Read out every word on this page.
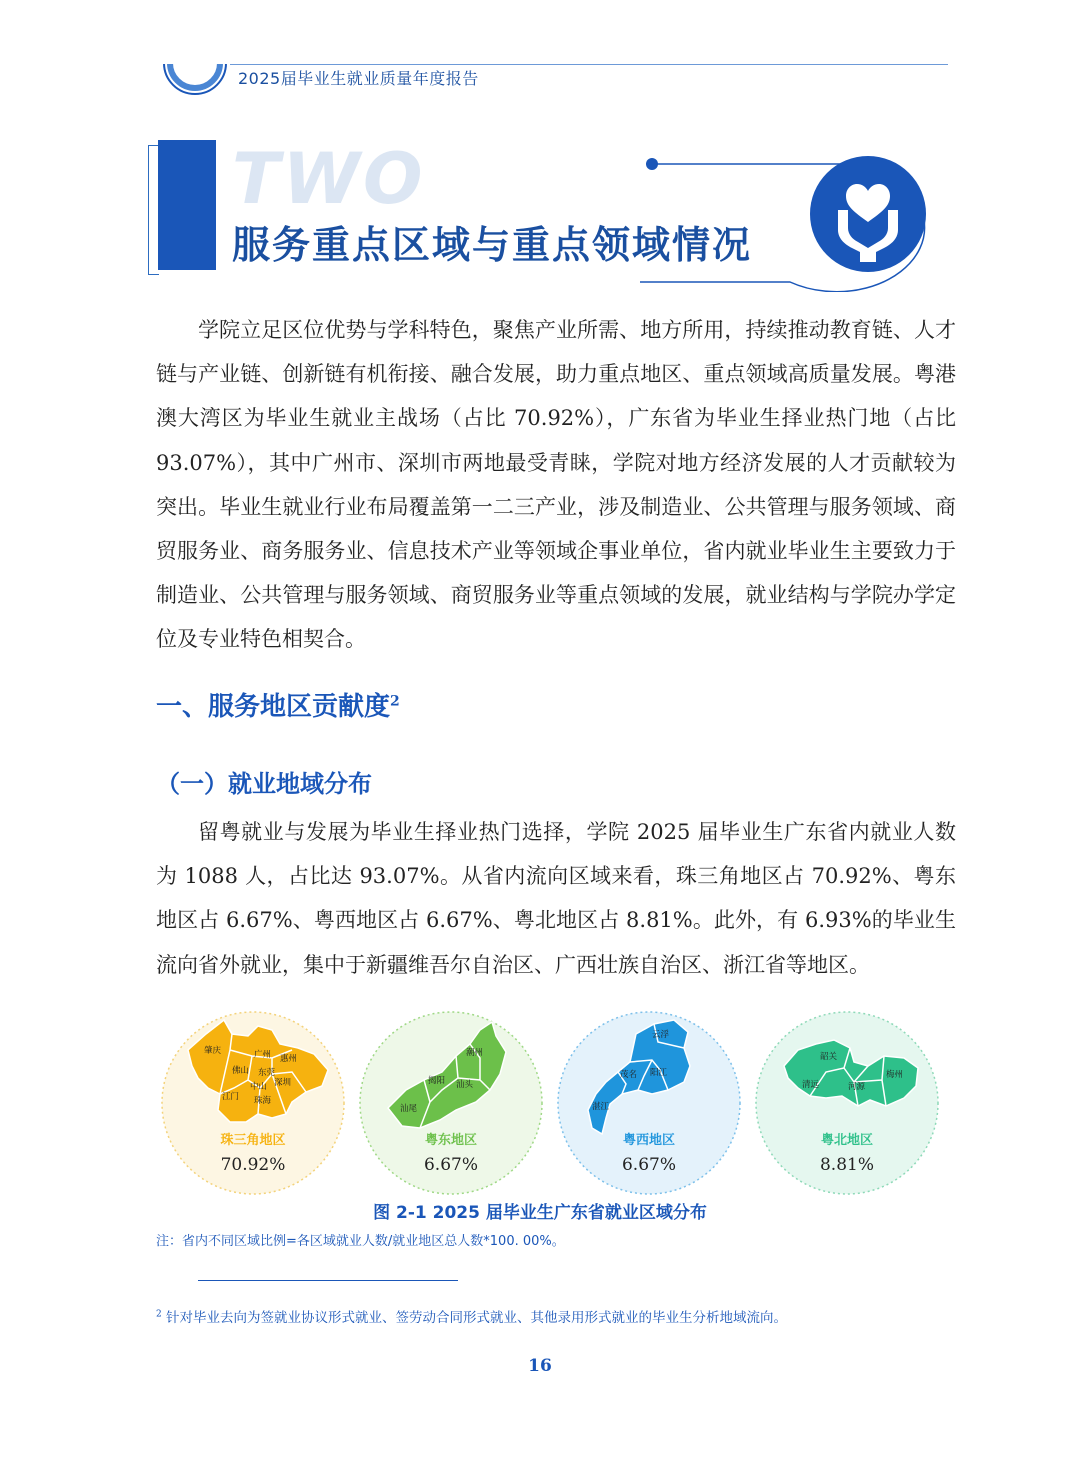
2025届毕业生就业质量年度报告
TWO
服务重点区域与重点领域情况

学院立足区位优势与学科特色，聚焦产业所需、地方所用，持续推动教育链、人才链与产业链、创新链有机衔接、融合发展，助力重点地区、重点领域高质量发展。粤港澳大湾区为毕业生就业主战场（占比 70.92%），广东省为毕业生择业热门地（占比 93.07%），其中广州市、深圳市两地最受青睐，学院对地方经济发展的人才贡献较为突出。毕业生就业行业布局覆盖第一二三产业，涉及制造业、公共管理与服务领域、商贸服务业、商务服务业、信息技术产业等领域企事业单位，省内就业毕业生主要致力于制造业、公共管理与服务领域、商贸服务业等重点领域的发展，就业结构与学院办学定位及专业特色相契合。

一、服务地区贡献度$^2$
（一）就业地域分布

留粤就业与发展为毕业生择业热门选择，学院 2025 届毕业生广东省内就业人数为 1088 人，占比达 93.07%。从省内流向区域来看，珠三角地区占 70.92%、粤东地区占 6.67%、粤西地区占 6.67%、粤北地区占 8.81%。此外，有 6.93%的毕业生流向省外就业，集中于新疆维吾尔自治区、广西壮族自治区、浙江省等地区。

珠三角地区
70.92%
肇庆	广州 惠州
佛山 东莞
中山 深圳
江门 珠海
粤东地区
6.67%
潮州
揭阳 汕头
汕尾
粤西地区
6.67%
云浮
茂名 阳江
湛江
粤北地区
8.81%
韶关
清远	河源
梅州
图 2-1 2025 届毕业生广东省就业区域分布
注：省内不同区域比例=各区域就业人数/就业地区总人数*100. 00%。
$^2$ 针对毕业去向为签就业协议形式就业、签劳动合同形式就业、其他录用形式就业的毕业生分析地域流向。
16
